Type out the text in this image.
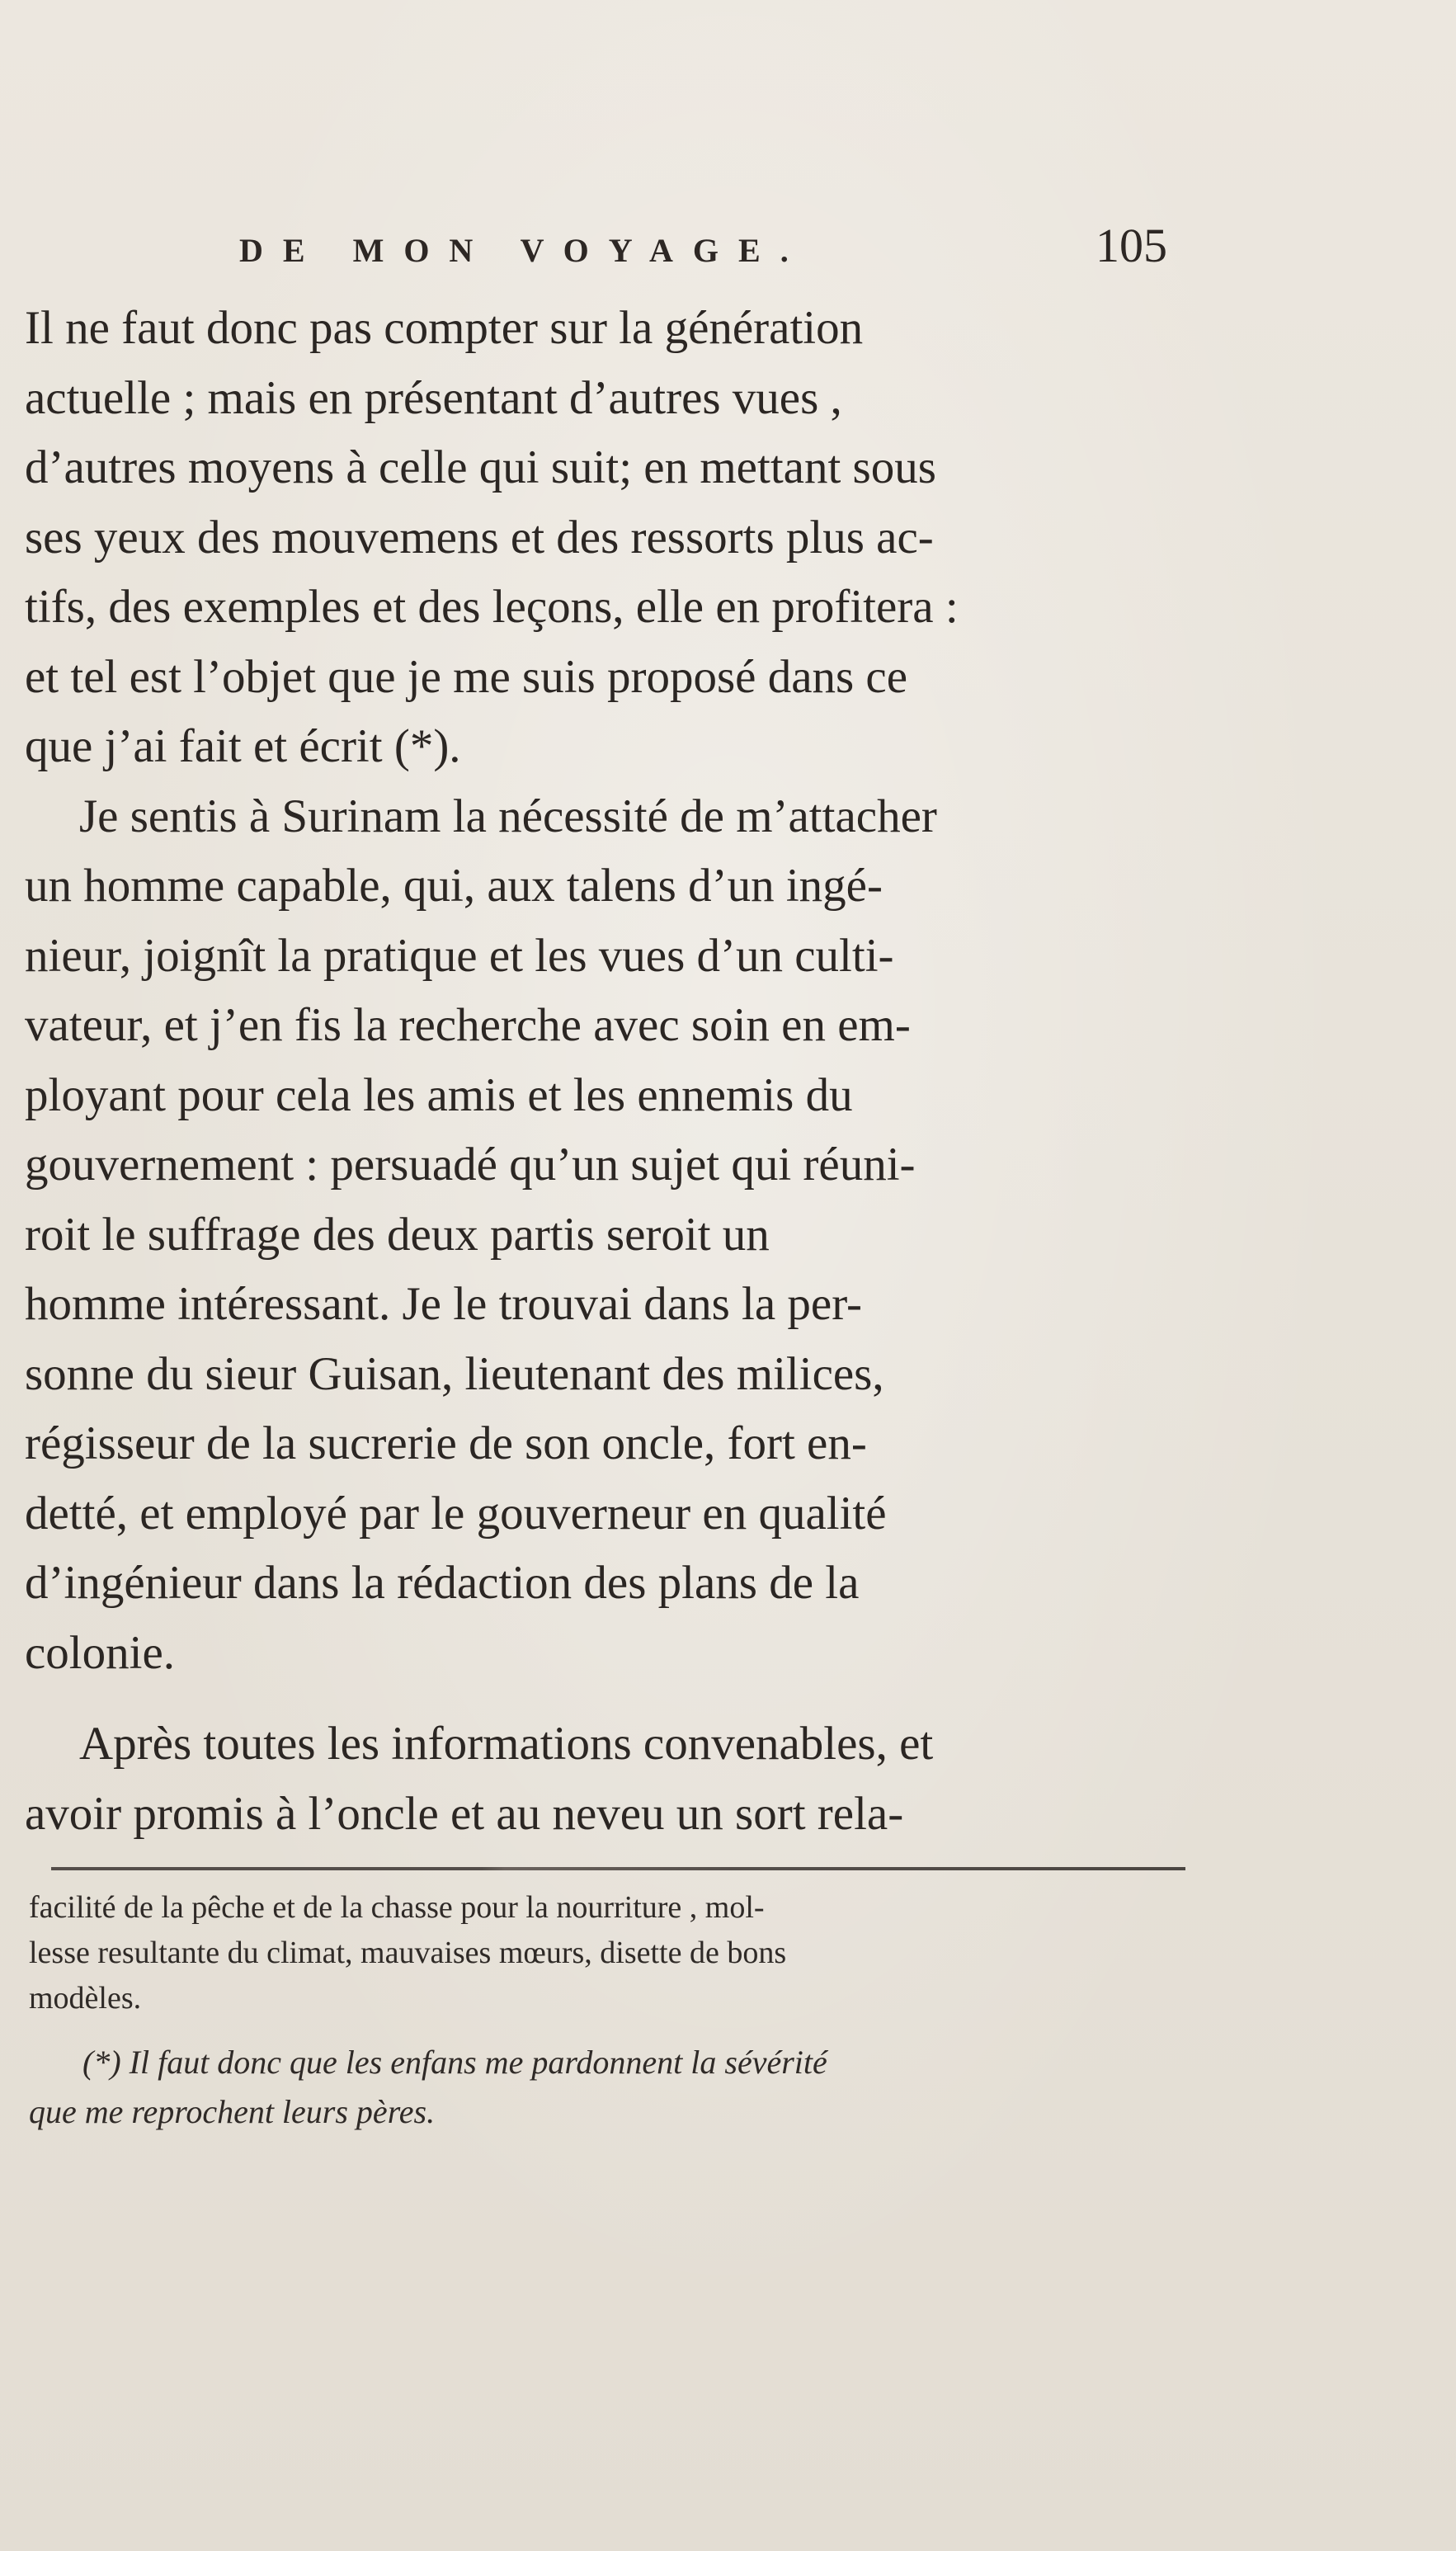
DE MON VOYAGE.	105
Il ne faut donc pas compter sur la génération
actuelle ; mais en présentant d’autres vues ,
d’autres moyens à celle qui suit; en mettant sous
ses yeux des mouvemens et des ressorts plus ac-
tifs, des exemples et des leçons, elle en profitera :
et tel est l’objet que je me suis proposé dans ce
que j’ai fait et écrit (*).
Je sentis à Surinam la nécessité de m’attacher
un homme capable, qui, aux talens d’un ingé-
nieur, joignît la pratique et les vues d’un culti-
vateur, et j’en fis la recherche avec soin en em-
ployant pour cela les amis et les ennemis du
gouvernement : persuadé qu’un sujet qui réuni-
roit le suffrage des deux partis seroit un
homme intéressant. Je le trouvai dans la per-
sonne du sieur Guisan, lieutenant des milices,
régisseur de la sucrerie de son oncle, fort en-
detté, et employé par le gouverneur en qualité
d’ingénieur dans la rédaction des plans de la
colonie.
Après toutes les informations convenables, et
avoir promis à l’oncle et au neveu un sort rela-
facilité de la pêche et de la chasse pour la nourriture , mol-
lesse resultante du climat, mauvaises mœurs, disette de bons
modèles.
(*) Il faut donc que les enfans me pardonnent la sévérité
que me reprochent leurs pères.
